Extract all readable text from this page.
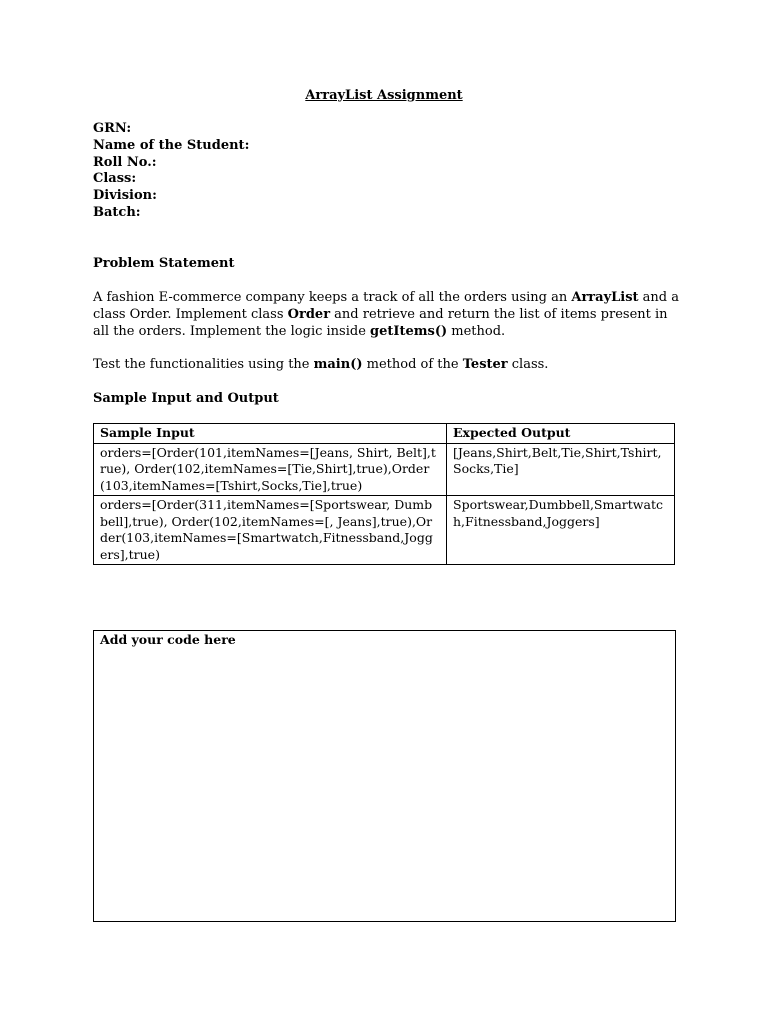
ArrayList Assignment
GRN:
Name of the Student:
Roll No.:
Class:
Division:
Batch:
Problem Statement
A fashion E-commerce company keeps a track of all the orders using an ArrayList and a class Order. Implement class Order and retrieve and return the list of items present in all the orders. Implement the logic inside getItems() method.
Test the functionalities using the main() method of the Tester class.
Sample Input and Output
Sample Input	Expected Output
orders=[Order(101,itemNames=[Jeans, Shirt, Belt],true), Order(102,itemNames=[Tie,Shirt],true),Order(103,itemNames=[Tshirt,Socks,Tie],true)	[Jeans,Shirt,Belt,Tie,Shirt,Tshirt,Socks,Tie]
orders=[Order(311,itemNames=[Sportswear, Dumbbell],true), Order(102,itemNames=[, Jeans],true),Order(103,itemNames=[Smartwatch,Fitnessband,Joggers],true)	Sportswear,Dumbbell,Smartwatch,Fitnessband,Joggers]
Add your code here
